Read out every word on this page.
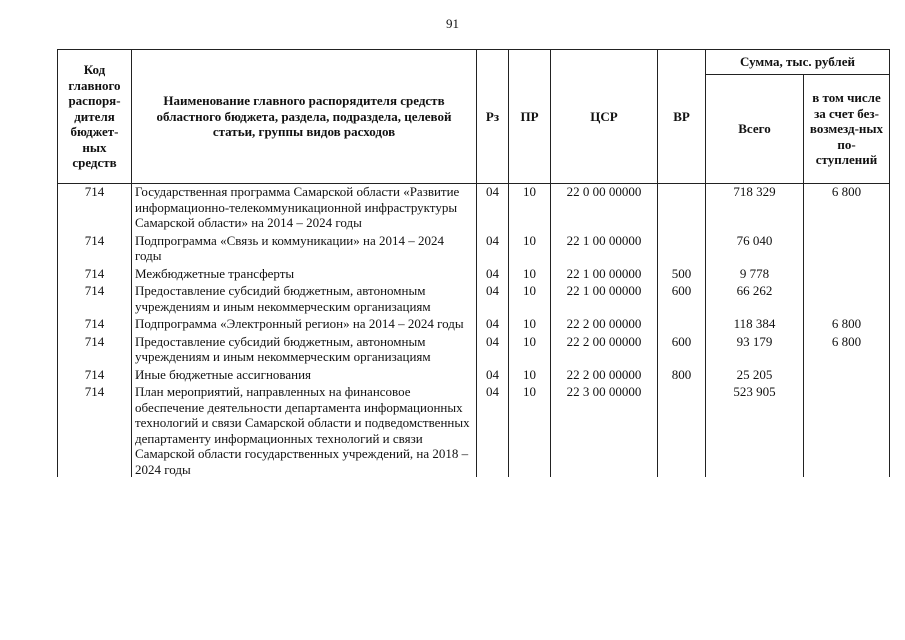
91
Код главного распоря-дителя бюджет-ных средств	Наименование главного распорядителя средств областного бюджета, раздела, подраздела, целевой статьи, группы видов расходов	Рз	ПР	ЦСР	ВР	Сумма, тыс. рублей	
						Всего	в том числе за счет без-возмезд-ных по-ступлений
714	Государственная программа Самарской области «Развитие информационно-телекоммуникационной инфраструктуры Самарской области» на 2014 – 2024 годы	04	10	22 0 00 00000		718 329	6 800
714	Подпрограмма «Связь и коммуникации» на 2014 – 2024 годы	04	10	22 1 00 00000		76 040	
714	Межбюджетные трансферты	04	10	22 1 00 00000	500	9 778	
714	Предоставление субсидий бюджетным, автономным учреждениям и иным некоммерческим организациям	04	10	22 1 00 00000	600	66 262	
714	Подпрограмма «Электронный регион» на 2014 – 2024 годы	04	10	22 2 00 00000		118 384	6 800
714	Предоставление субсидий бюджетным, автономным учреждениям и иным некоммерческим организациям	04	10	22 2 00 00000	600	93 179	6 800
714	Иные бюджетные ассигнования	04	10	22 2 00 00000	800	25 205	
714	План мероприятий, направленных на финансовое обеспечение деятельности департамента информационных технологий и связи Самарской области и подведомственных департаменту информационных технологий и связи Самарской области государственных учреждений, на 2018 – 2024 годы	04	10	22 3 00 00000		523 905	
